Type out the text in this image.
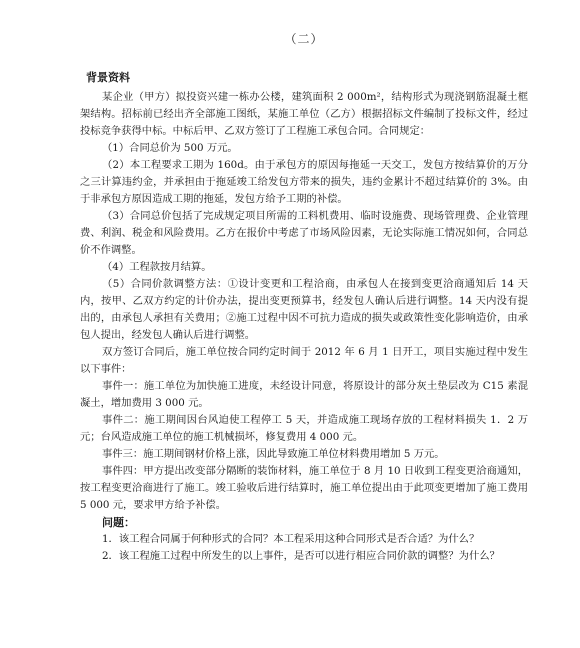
（二）
背景资料

某企业（甲方）拟投资兴建一栋办公楼，建筑面积 2 000m²，结构形式为现浇钢筋混凝土框架结构。招标前已经出齐全部施工图纸，某施工单位（乙方）根据招标文件编制了投标文件，经过投标竞争获得中标。中标后甲、乙双方签订了工程施工承包合同。合同规定：

（1）合同总价为 500 万元。

（2）本工程要求工期为 160d。由于承包方的原因每拖延一天交工，发包方按结算价的万分之三计算违约金，并承担由于拖延竣工给发包方带来的损失，违约金累计不超过结算价的 3%。由于非承包方原因造成工期的拖延，发包方给予工期的补偿。

（3）合同总价包括了完成规定项目所需的工料机费用、临时设施费、现场管理费、企业管理费、利润、税金和风险费用。乙方在报价中考虑了市场风险因素，无论实际施工情况如何，合同总价不作调整。

（4）工程款按月结算。

（5）合同价款调整方法：①设计变更和工程洽商，由承包人在接到变更洽商通知后 14 天内，按甲、乙双方约定的计价办法，提出变更预算书，经发包人确认后进行调整。14 天内没有提出的，由承包人承担有关费用；②施工过程中因不可抗力造成的损失或政策性变化影响造价，由承包人提出，经发包人确认后进行调整。

双方签订合同后，施工单位按合同约定时间于 2012 年 6 月 1 日开工，项目实施过程中发生以下事件：

事件一：施工单位为加快施工进度，未经设计同意，将原设计的部分灰土垫层改为 C15 素混凝土，增加费用 3 000 元。

事件二：施工期间因台风迫使工程停工 5 天，并造成施工现场存放的工程材料损失 1．2 万元；台风造成施工单位的施工机械损坏，修复费用 4 000 元。

事件三：施工期间钢材价格上涨，因此导致施工单位材料费用增加 5 万元。

事件四：甲方提出改变部分隔断的装饰材料，施工单位于 8 月 10 日收到工程变更洽商通知，按工程变更洽商进行了施工。竣工验收后进行结算时，施工单位提出由于此项变更增加了施工费用 5 000 元，要求甲方给予补偿。

问题：

1．该工程合同属于何种形式的合同？本工程采用这种合同形式是否合适？为什么？

2．该工程施工过程中所发生的以上事件，是否可以进行相应合同价款的调整？为什么？
